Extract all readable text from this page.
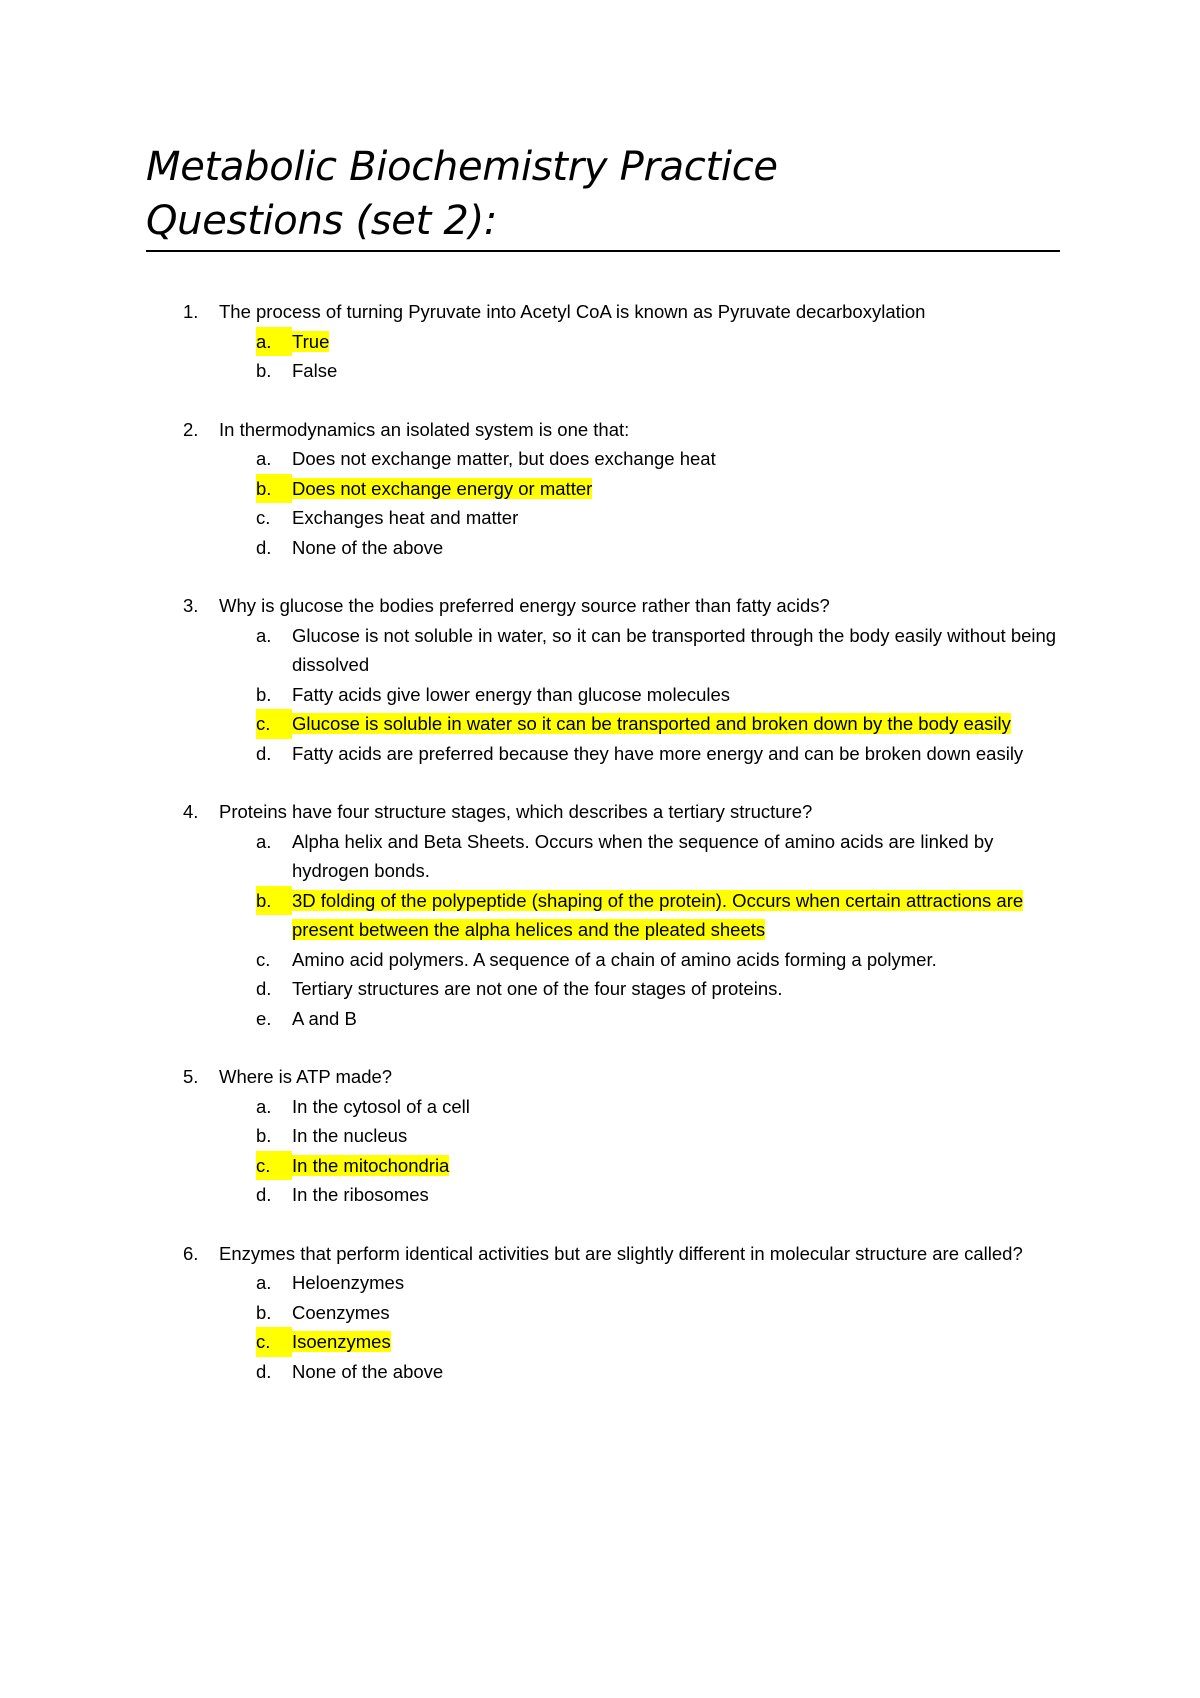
Metabolic Biochemistry Practice
Questions (set 2):
1. The process of turning Pyruvate into Acetyl CoA is known as Pyruvate decarboxylation
a.	True
b. False
2. In thermodynamics an isolated system is one that:
a. Does not exchange matter, but does exchange heat
b.	Does not exchange energy or matter
c. Exchanges heat and matter
d. None of the above
3. Why is glucose the bodies preferred energy source rather than fatty acids?
a. Glucose is not soluble in water, so it can be transported through the body easily without being dissolved
b. Fatty acids give lower energy than glucose molecules
c.	Glucose is soluble in water so it can be transported and broken down by the body easily
d. Fatty acids are preferred because they have more energy and can be broken down easily
4. Proteins have four structure stages, which describes a tertiary structure?
a. Alpha helix and Beta Sheets. Occurs when the sequence of amino acids are linked by hydrogen bonds.
b.	3D folding of the polypeptide (shaping of the protein). Occurs when certain attractions are present between the alpha helices and the pleated sheets
c. Amino acid polymers. A sequence of a chain of amino acids forming a polymer.
d. Tertiary structures are not one of the four stages of proteins.
e. A and B
5. Where is ATP made?
a. In the cytosol of a cell
b. In the nucleus
c.	In the mitochondria
d. In the ribosomes
6. Enzymes that perform identical activities but are slightly different in molecular structure are called?
a. Heloenzymes
b. Coenzymes
c.	Isoenzymes
d. None of the above
